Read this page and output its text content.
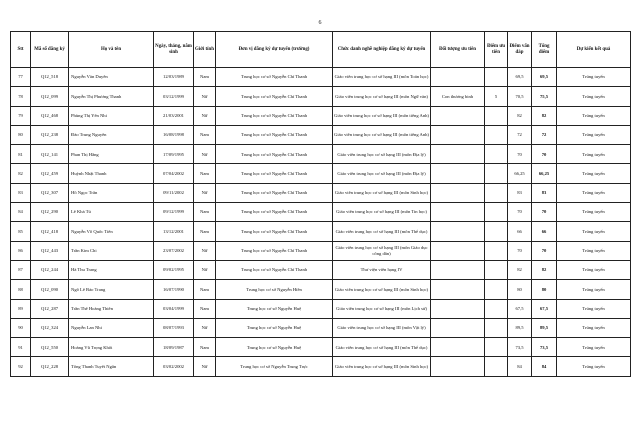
6
Stt	Mã số đăng ký	Họ và tên	Ngày, tháng, năm sinh	Giới tính	Đơn vị đăng ký dự tuyển (trường)	Chức danh nghề nghiệp đăng ký dự tuyển	Đối tượng ưu tiên	Điểm ưu tiên	Điểm vấn đáp	Tổng điểm	Dự kiến kết quả
77	Q12_518	Nguyễn Văn Duyên	12/03/1989	Nam	Trung học cơ sở Nguyễn Chí Thanh	Giáo viên trung học cơ sở hạng III (môn Toán học)			69,5	69,5	Trúng tuyển
78	Q12_099	Nguyễn Thị Phương Thanh	03/12/1999	Nữ	Trung học cơ sở Nguyễn Chí Thanh	Giáo viên trung học cơ sở hạng III (môn Ngữ văn)	Con thương binh	5	70,5	75,5	Trúng tuyển
79	Q12_468	Phùng Thị Yến Nhi	21/03/2001	Nữ	Trung học cơ sở Nguyễn Chí Thanh	Giáo viên trung học cơ sở hạng III (môn tiếng Anh)			82	82	Trúng tuyển
80	Q12_238	Đào Trung Nguyên	16/08/1998	Nam	Trung học cơ sở Nguyễn Chí Thanh	Giáo viên trung học cơ sở hạng III (môn tiếng Anh)			72	72	Trúng tuyển
81	Q12_141	Phan Thị Hằng	17/09/1995	Nữ	Trung học cơ sở Nguyễn Chí Thanh	Giáo viên trung học cơ sở hạng III (môn Địa lý)			70	70	Trúng tuyển
82	Q12_459	Huỳnh Nhật Thanh	07/04/2002	Nam	Trung học cơ sở Nguyễn Chí Thanh	Giáo viên trung học cơ sở hạng III (môn Địa lý)			66,25	66,25	Trúng tuyển
83	Q12_307	Hồ Ngọc Trân	09/11/2002	Nữ	Trung học cơ sở Nguyễn Chí Thanh	Giáo viên trung học cơ sở hạng III (môn Sinh học)			83	83	Trúng tuyển
84	Q12_290	Lê Khả Tú	09/12/1999	Nam	Trung học cơ sở Nguyễn Chí Thanh	Giáo viên trung học cơ sở hạng III (môn Tin học)			70	70	Trúng tuyển
85	Q12_418	Nguyễn Võ Quốc Tiến	13/12/2001	Nam	Trung học cơ sở Nguyễn Chí Thanh	Giáo viên trung học cơ sở hạng III (môn Thể dục)			66	66	Trúng tuyển
86	Q12_443	Trần Kim Chi	23/07/2002	Nữ	Trung học cơ sở Nguyễn Chí Thanh	Giáo viên trung học cơ sở hạng III (môn Giáo dục công dân)			70	70	Trúng tuyển
87	Q12_244	Hà Thu Trang	09/02/1995	Nữ	Trung học cơ sở Nguyễn Chí Thanh	Thư viện viên hạng IV			82	82	Trúng tuyển
88	Q12_090	Ngô Lê Bảo Trang	16/07/1990	Nam	Trung học cơ sở Nguyễn Hiền	Giáo viên trung học cơ sở hạng III (môn Sinh học)			80	80	Trúng tuyển
89	Q12_287	Trần Thế Hoàng Thiên	03/04/1999	Nam	Trung học cơ sở Nguyễn Huệ	Giáo viên trung học cơ sở hạng III (môn Lịch sử)			67,5	67,5	Trúng tuyển
90	Q12_324	Nguyễn Lan Nhi	08/07/1993	Nữ	Trung học cơ sở Nguyễn Huệ	Giáo viên trung học cơ sở hạng III (môn Vật lý)			89,5	89,5	Trúng tuyển
91	Q12_550	Hoàng Vũ Trọng Khôi	18/09/1987	Nam	Trung học cơ sở Nguyễn Huệ	Giáo viên trung học cơ sở hạng III (môn Thể dục)			73,5	73,5	Trúng tuyển
92	Q12_228	Tống Thanh Tuyết Ngân	03/02/2002	Nữ	Trung học cơ sở Nguyễn Trung Trực	Giáo viên trung học cơ sở hạng III (môn Sinh học)			84	84	Trúng tuyển
